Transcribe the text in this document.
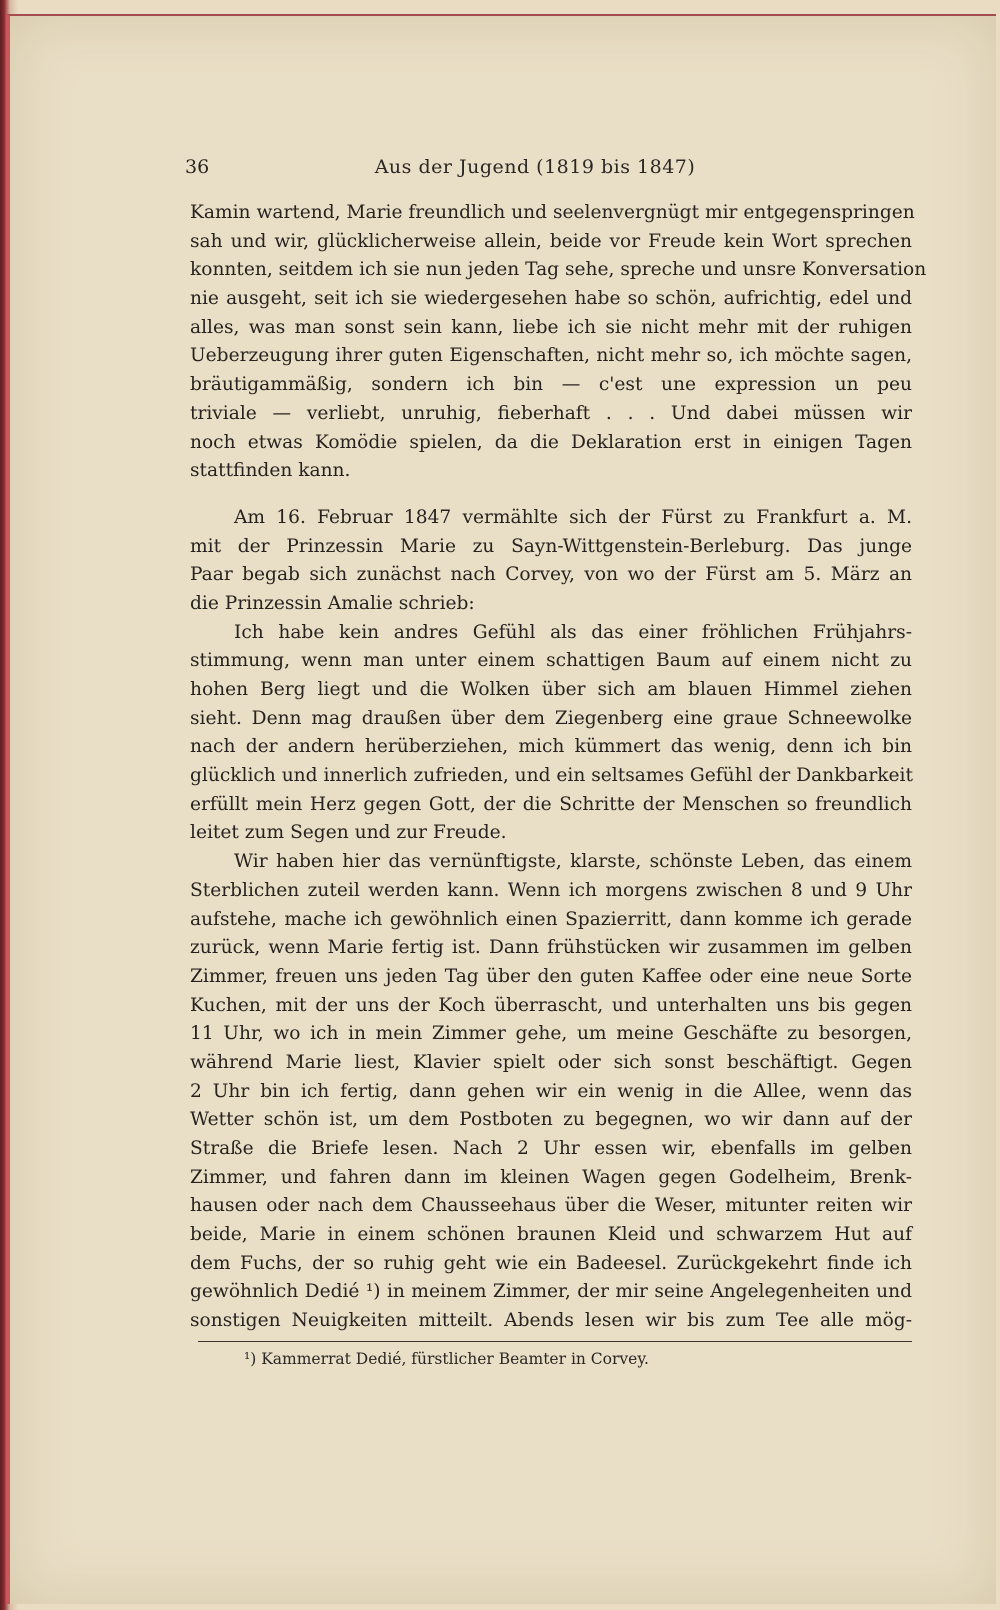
36	Aus der Jugend (1819 bis 1847)
Kamin wartend, Marie freundlich und seelenvergnügt mir entgegenspringen
sah und wir, glücklicherweise allein, beide vor Freude kein Wort sprechen
konnten, seitdem ich sie nun jeden Tag sehe, spreche und unsre Konversation
nie ausgeht, seit ich sie wiedergesehen habe so schön, aufrichtig, edel und
alles, was man sonst sein kann, liebe ich sie nicht mehr mit der ruhigen
Ueberzeugung ihrer guten Eigenschaften, nicht mehr so, ich möchte sagen,
bräutigammäßig, sondern ich bin — c'est une expression un peu
triviale — verliebt, unruhig, fieberhaft . . . Und dabei müssen wir
noch etwas Komödie spielen, da die Deklaration erst in einigen Tagen
stattfinden kann.
Am 16. Februar 1847 vermählte sich der Fürst zu Frankfurt a. M.
mit der Prinzessin Marie zu Sayn-Wittgenstein-Berleburg. Das junge
Paar begab sich zunächst nach Corvey, von wo der Fürst am 5. März an
die Prinzessin Amalie schrieb:
Ich habe kein andres Gefühl als das einer fröhlichen Frühjahrs-
stimmung, wenn man unter einem schattigen Baum auf einem nicht zu
hohen Berg liegt und die Wolken über sich am blauen Himmel ziehen
sieht. Denn mag draußen über dem Ziegenberg eine graue Schneewolke
nach der andern herüberziehen, mich kümmert das wenig, denn ich bin
glücklich und innerlich zufrieden, und ein seltsames Gefühl der Dankbarkeit
erfüllt mein Herz gegen Gott, der die Schritte der Menschen so freundlich
leitet zum Segen und zur Freude.
Wir haben hier das vernünftigste, klarste, schönste Leben, das einem
Sterblichen zuteil werden kann. Wenn ich morgens zwischen 8 und 9 Uhr
aufstehe, mache ich gewöhnlich einen Spazierritt, dann komme ich gerade
zurück, wenn Marie fertig ist. Dann frühstücken wir zusammen im gelben
Zimmer, freuen uns jeden Tag über den guten Kaffee oder eine neue Sorte
Kuchen, mit der uns der Koch überrascht, und unterhalten uns bis gegen
11 Uhr, wo ich in mein Zimmer gehe, um meine Geschäfte zu besorgen,
während Marie liest, Klavier spielt oder sich sonst beschäftigt. Gegen
2 Uhr bin ich fertig, dann gehen wir ein wenig in die Allee, wenn das
Wetter schön ist, um dem Postboten zu begegnen, wo wir dann auf der
Straße die Briefe lesen. Nach 2 Uhr essen wir, ebenfalls im gelben
Zimmer, und fahren dann im kleinen Wagen gegen Godelheim, Brenk-
hausen oder nach dem Chausseehaus über die Weser, mitunter reiten wir
beide, Marie in einem schönen braunen Kleid und schwarzem Hut auf
dem Fuchs, der so ruhig geht wie ein Badeesel. Zurückgekehrt finde ich
gewöhnlich Dedié ¹) in meinem Zimmer, der mir seine Angelegenheiten und
sonstigen Neuigkeiten mitteilt. Abends lesen wir bis zum Tee alle mög-
¹) Kammerrat Dedié, fürstlicher Beamter in Corvey.
